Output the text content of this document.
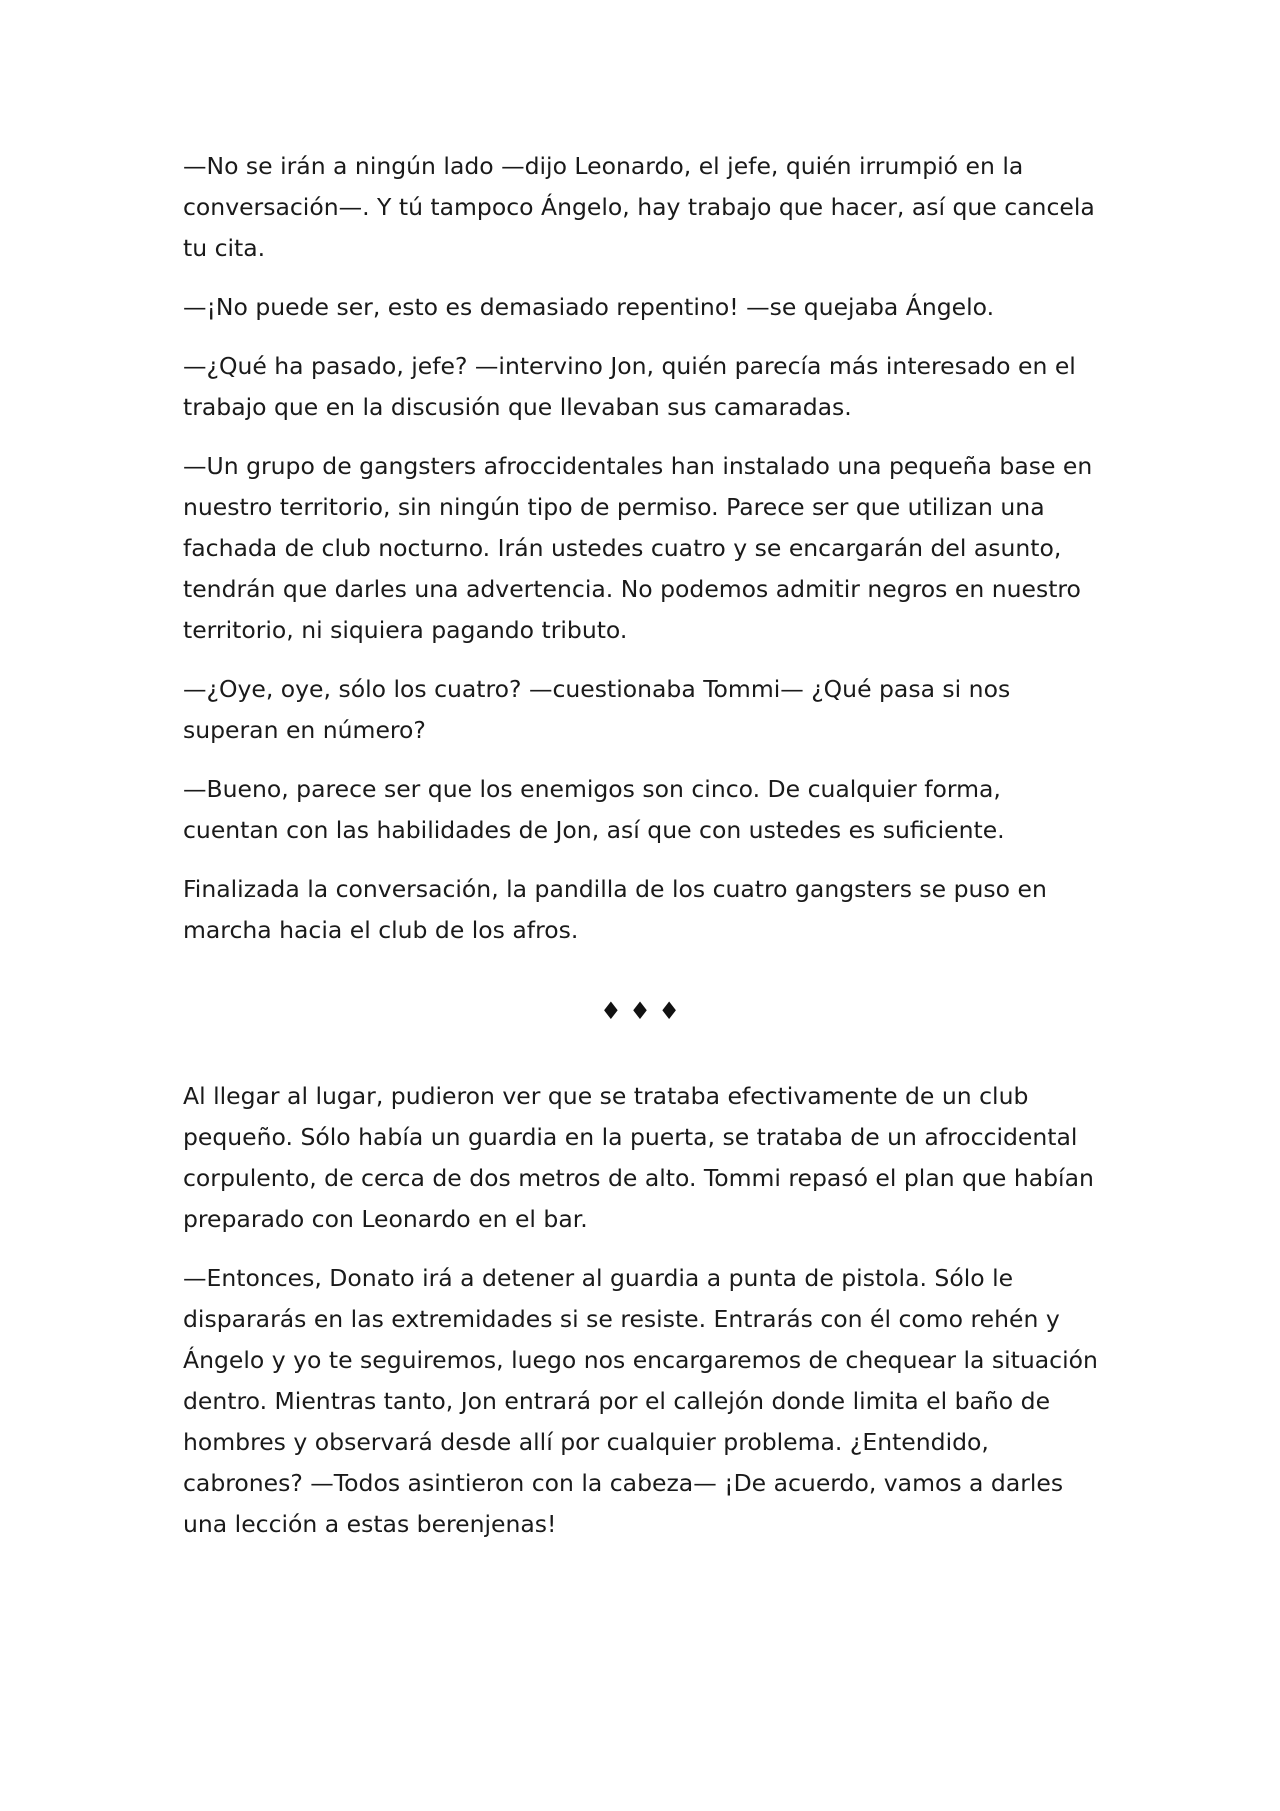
—No se irán a ningún lado —dijo Leonardo, el jefe, quién irrumpió en la conversación—. Y tú tampoco Ángelo, hay trabajo que hacer, así que cancela tu cita.

—¡No puede ser, esto es demasiado repentino! —se quejaba Ángelo.

—¿Qué ha pasado, jefe? —intervino Jon, quién parecía más interesado en el trabajo que en la discusión que llevaban sus camaradas.

—Un grupo de gangsters afroccidentales han instalado una pequeña base en nuestro territorio, sin ningún tipo de permiso. Parece ser que utilizan una fachada de club nocturno. Irán ustedes cuatro y se encargarán del asunto, tendrán que darles una advertencia. No podemos admitir negros en nuestro territorio, ni siquiera pagando tributo.

—¿Oye, oye, sólo los cuatro? —cuestionaba Tommi— ¿Qué pasa si nos superan en número?

—Bueno, parece ser que los enemigos son cinco. De cualquier forma, cuentan con las habilidades de Jon, así que con ustedes es suficiente.

Finalizada la conversación, la pandilla de los cuatro gangsters se puso en marcha hacia el club de los afros.

♦ ♦ ♦

Al llegar al lugar, pudieron ver que se trataba efectivamente de un club pequeño. Sólo había un guardia en la puerta, se trataba de un afroccidental corpulento, de cerca de dos metros de alto. Tommi repasó el plan que habían preparado con Leonardo en el bar.

—Entonces, Donato irá a detener al guardia a punta de pistola. Sólo le dispararás en las extremidades si se resiste. Entrarás con él como rehén y Ángelo y yo te seguiremos, luego nos encargaremos de chequear la situación dentro. Mientras tanto, Jon entrará por el callejón donde limita el baño de hombres y observará desde allí por cualquier problema. ¿Entendido, cabrones? —Todos asintieron con la cabeza— ¡De acuerdo, vamos a darles una lección a estas berenjenas!
